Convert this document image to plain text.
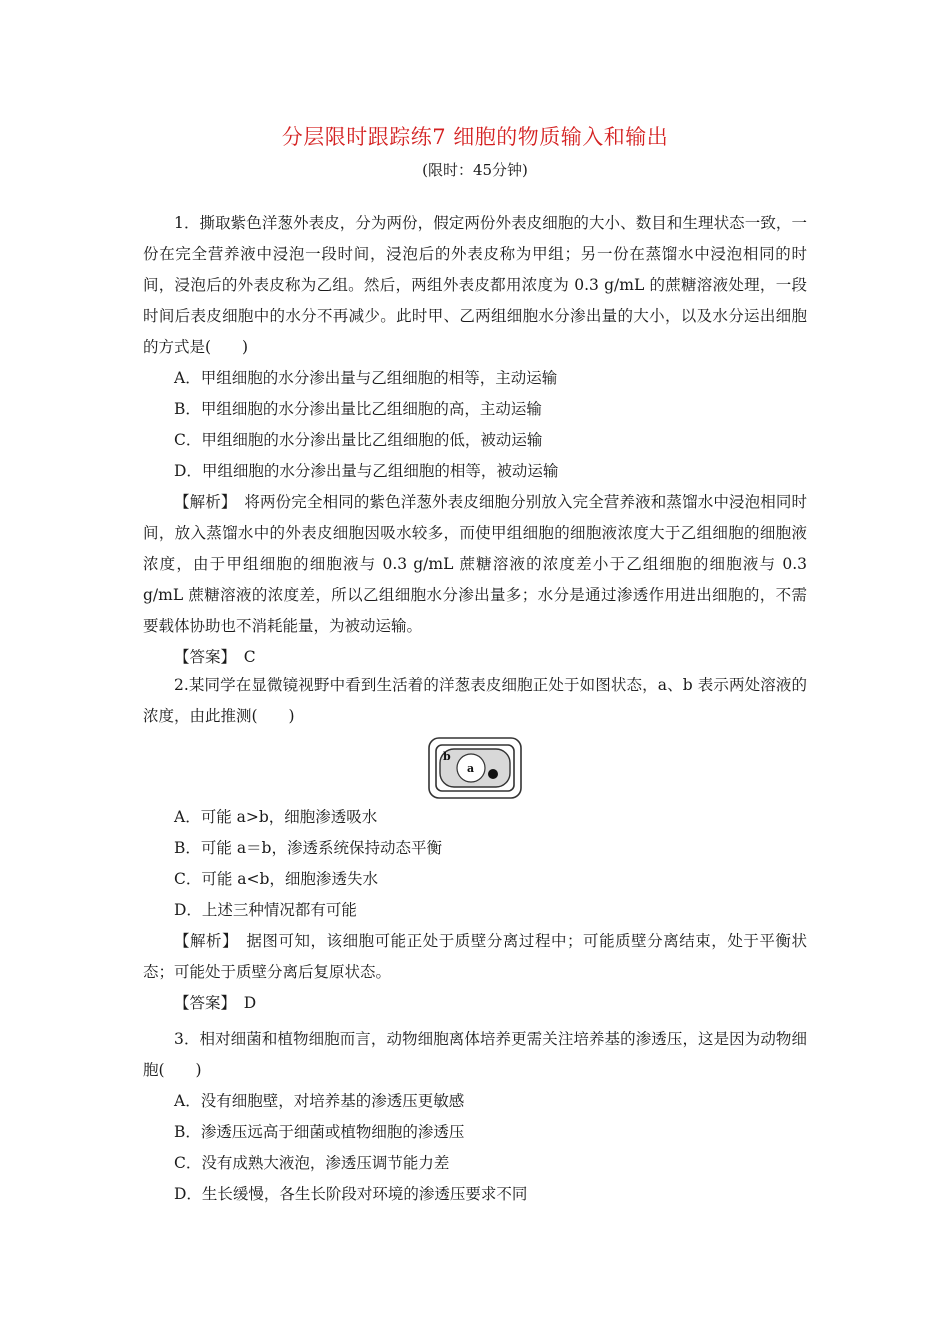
分层限时跟踪练7 细胞的物质输入和输出
(限时：45分钟)

1．撕取紫色洋葱外表皮，分为两份，假定两份外表皮细胞的大小、数目和生理状态一致，一份在完全营养液中浸泡一段时间，浸泡后的外表皮称为甲组；另一份在蒸馏水中浸泡相同的时间，浸泡后的外表皮称为乙组。然后，两组外表皮都用浓度为 0.3 g/mL 的蔗糖溶液处理，一段时间后表皮细胞中的水分不再减少。此时甲、乙两组细胞水分渗出量的大小，以及水分运出细胞的方式是(　　)

A．甲组细胞的水分渗出量与乙组细胞的相等，主动运输

B．甲组细胞的水分渗出量比乙组细胞的高，主动运输

C．甲组细胞的水分渗出量比乙组细胞的低，被动运输

D．甲组细胞的水分渗出量与乙组细胞的相等，被动运输

【解析】　 将两份完全相同的紫色洋葱外表皮细胞分别放入完全营养液和蒸馏水中浸泡相同时间，放入蒸馏水中的外表皮细胞因吸水较多，而使甲组细胞的细胞液浓度大于乙组细胞的细胞液浓度，由于甲组细胞的细胞液与 0.3 g/mL 蔗糖溶液的浓度差小于乙组细胞的细胞液与 0.3 g/mL 蔗糖溶液的浓度差，所以乙组细胞水分渗出量多；水分是通过渗透作用进出细胞的，不需要载体协助也不消耗能量，为被动运输。

【答案】　 C

2.某同学在显微镜视野中看到生活着的洋葱表皮细胞正处于如图状态，a、b 表示两处溶液的浓度，由此推测(　　)

a
b

A．可能 a>b，细胞渗透吸水

B．可能 a＝b，渗透系统保持动态平衡

C．可能 a<b，细胞渗透失水

D．上述三种情况都有可能

【解析】　 据图可知，该细胞可能正处于质壁分离过程中；可能质壁分离结束，处于平衡状态；可能处于质壁分离后复原状态。

【答案】　 D

3．相对细菌和植物细胞而言，动物细胞离体培养更需关注培养基的渗透压，这是因为动物细胞(　　)

A．没有细胞壁，对培养基的渗透压更敏感

B．渗透压远高于细菌或植物细胞的渗透压

C．没有成熟大液泡，渗透压调节能力差

D．生长缓慢，各生长阶段对环境的渗透压要求不同
